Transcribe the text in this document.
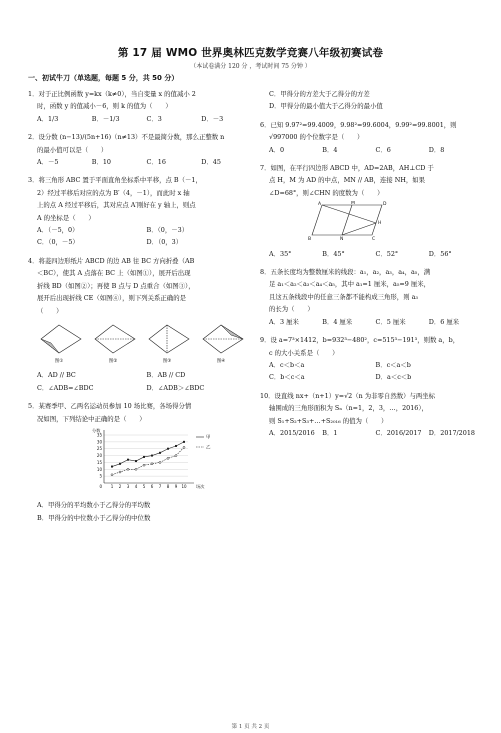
第 17 届 WMO 世界奥林匹克数学竞赛八年级初赛试卷
（本试卷满分 120 分 ，考试时间 75 分钟 ）
一、初试牛刀（单选题，每题 5 分，共 50 分）
1．对于正比例函数 y=kx（k≠0），当自变量 x 的值减小 2
时，函数 y 的值减小－6，则 k 的值为（　　）
A．1/3	B．－1/3	C．3	D．－3
2．设分数 (n−13)/(5n+16)（n≠13）不是最简分数，那么正整数 n
的最小值可以是（　　）
A．－5	B．10	C．16	D．45
3．将三角形 ABC 置于平面直角坐标系中平移，点 B（－1，
2）经过平移后对应的点为 B′（4，－1），而此时 x 轴
上的点 A 经过平移后，其对应点 A′刚好在 y 轴上，则点
A 的坐标是（　　）
A．（－5，0）	B．（0，－3）
C．（0，－5）	D．（0，3）
4．将菱四边形纸片 ABCD 的边 AB 往 BC 方向折叠（AB
＜BC），使其 A 点落在 BC 上（如图①），展开后出现
折线 BD（如图②）；再使 B 点与 D 点重合（如图③），
展开后出现折线 CE（如图④），则下列关系正确的是
（　　）
图①	图②	图③	图④
A．AD // BC	B．AB // CD
C．∠ADB=∠BDC	D．∠ADB＞∠BDC
5．某赛季甲、乙两名运动员参加 10 场比赛，各场得分情
况如图，下列结论中正确的是（　　）
5
10
15
20
25
30
35
0 1 2 3 4 5 6 7 8 9 10
分数
场次
甲
乙
A．甲得分的平均数小于乙得分的平均数
B．甲得分的中位数小于乙得分的中位数
C．甲得分的方差大于乙得分的方差
D．甲得分的最小值大于乙得分的最小值
6．已知 9.97²=99.4009，9.98²=99.6004，9.99²=99.8001，则
√997000 的个位数字是（　　）
A．0	B．4	C．6	D．8
7．如图，在平行四边形 ABCD 中，AD=2AB，AH⊥CD 于
点 H，M 为 AD 的中点，MN // AB，连接 NH，如果
∠D=68°，则∠CHN 的度数为（　　）
A	M	D
H
B	N	C
A．35°	B．45°	C．52°	D．56°
8．五条长度均为整数厘米的线段：a₁，a₂，a₃，a₄，a₅，满
足 a₁＜a₂＜a₃＜a₄＜a₅，其中 a₁=1 厘米，a₅=9 厘米，
且这五条线段中的任意三条都不能构成三角形，则 a₃
的长为（　　）
A．3 厘米	B．4 厘米	C．5 厘米	D．6 厘米
9．设 a=7³×1412，b=932³−480²，c=515³−191³，则数 a，b，
c 的大小关系是（　　）
A．c＜b＜a	B．c＜a＜b
C．b＜c＜a	D．a＜c＜b
10．设直线 nx+（n+1）y=√2（n 为非零自然数）与两坐标
轴围成的三角形面积为 Sₙ（n=1，2，3，…，2016），
则 S₁+S₂+S₃+…+S₂₀₁₆ 的值为（　　）
A．2015/2016	B．1	C．2016/2017	D．2017/2018
第 1 页 共 2 页
